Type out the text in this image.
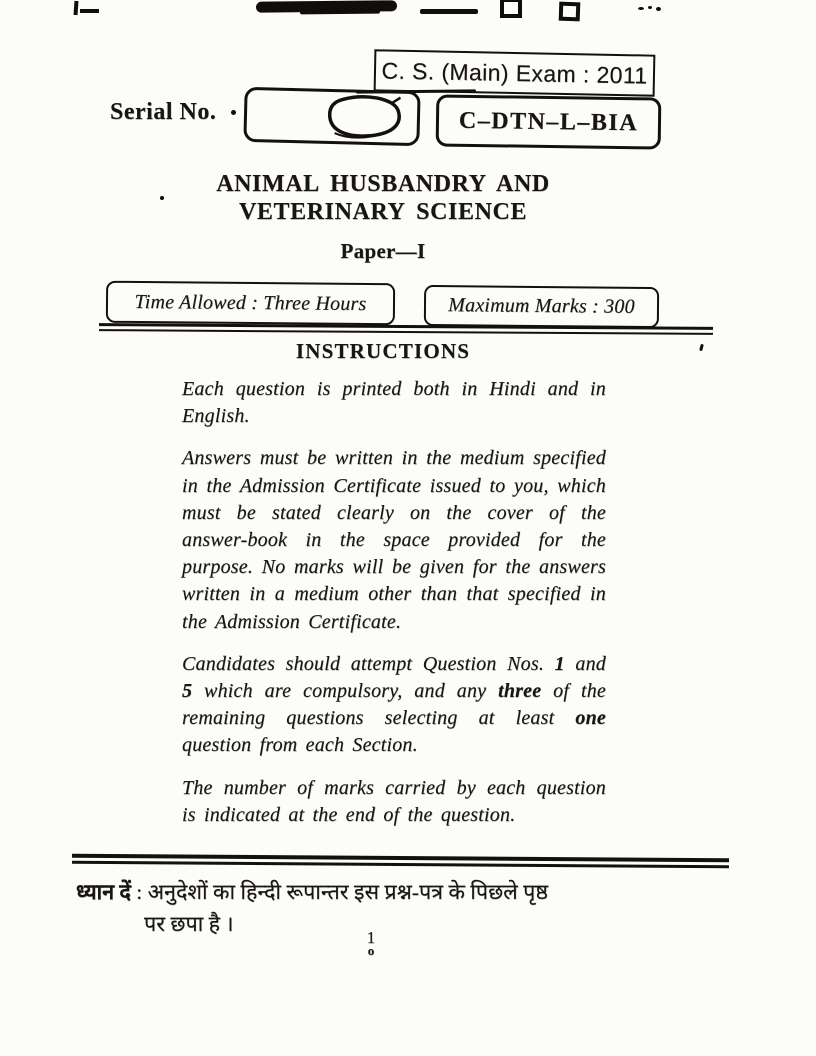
C. S. (Main) Exam : 2011
Serial No.	C–DTN–L–BIA
ANIMAL HUSBANDRY AND
VETERINARY SCIENCE
Paper—I
Time Allowed : Three Hours	Maximum Marks : 300
INSTRUCTIONS

Each question is printed both in Hindi and in English.

Answers must be written in the medium specified in the Admission Certificate issued to you, which must be stated clearly on the cover of the answer-book in the space provided for the purpose. No marks will be given for the answers written in a medium other than that specified in the Admission Certificate.

Candidates should attempt Question Nos. 1 and 5 which are compulsory, and any three of the remaining questions selecting at least one question from each Section.

The number of marks carried by each question is indicated at the end of the question.

ध्यान दें : अनुदेशों का हिन्दी रूपान्तर इस प्रश्न-पत्र के पिछले पृष्ठ
पर छपा है ।
1
o
